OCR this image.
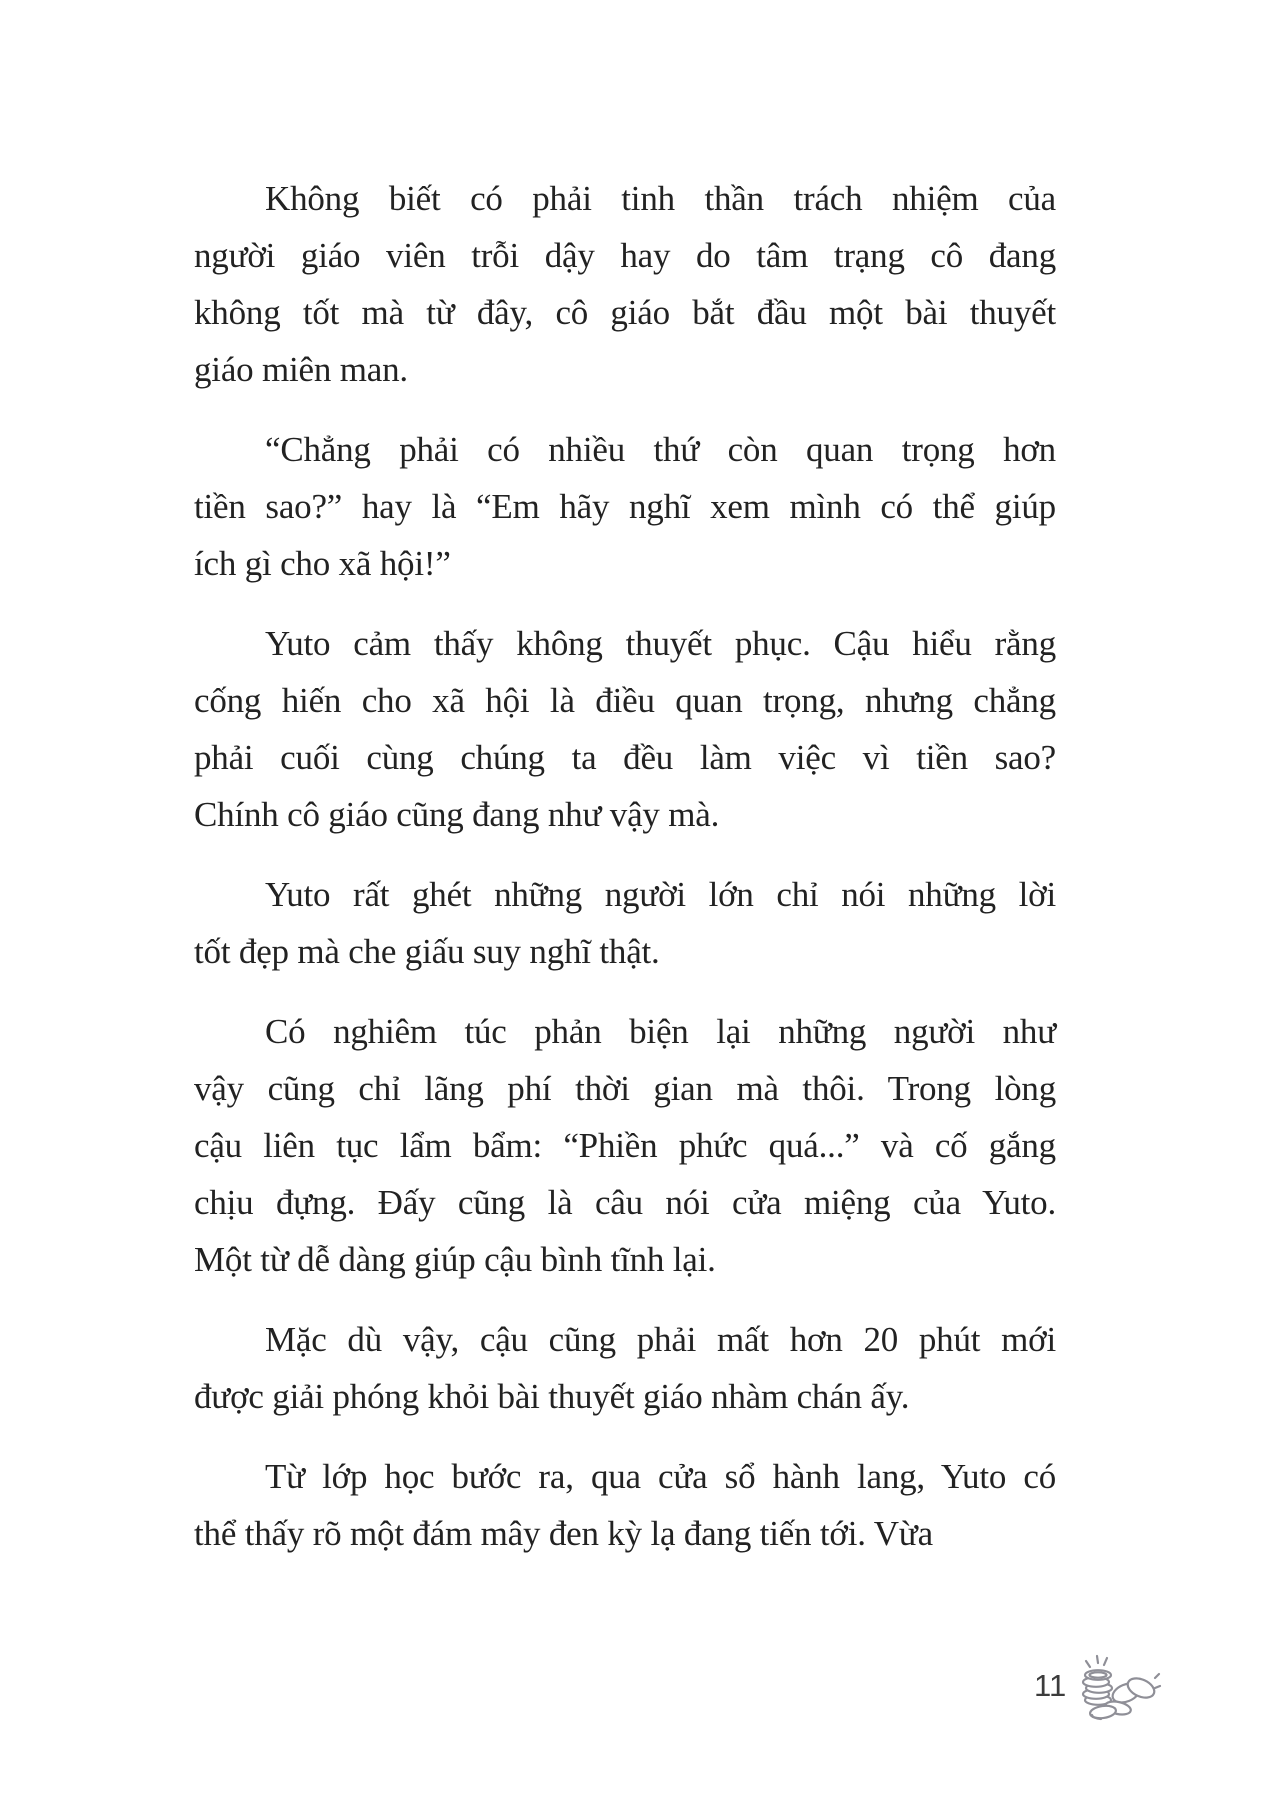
Không biết có phải tinh thần trách nhiệm của
người giáo viên trỗi dậy hay do tâm trạng cô đang
không tốt mà từ đây, cô giáo bắt đầu một bài thuyết
giáo miên man.
“Chẳng phải có nhiều thứ còn quan trọng hơn
tiền sao?” hay là “Em hãy nghĩ xem mình có thể giúp
ích gì cho xã hội!”
Yuto cảm thấy không thuyết phục. Cậu hiểu rằng
cống hiến cho xã hội là điều quan trọng, nhưng chẳng
phải cuối cùng chúng ta đều làm việc vì tiền sao?
Chính cô giáo cũng đang như vậy mà.
Yuto rất ghét những người lớn chỉ nói những lời
tốt đẹp mà che giấu suy nghĩ thật.
Có nghiêm túc phản biện lại những người như
vậy cũng chỉ lãng phí thời gian mà thôi. Trong lòng
cậu liên tục lẩm bẩm: “Phiền phức quá...” và cố gắng
chịu đựng. Đấy cũng là câu nói cửa miệng của Yuto.
Một từ dễ dàng giúp cậu bình tĩnh lại.
Mặc dù vậy, cậu cũng phải mất hơn 20 phút mới
được giải phóng khỏi bài thuyết giáo nhàm chán ấy.
Từ lớp học bước ra, qua cửa sổ hành lang, Yuto có
thể thấy rõ một đám mây đen kỳ lạ đang tiến tới. Vừa
11
